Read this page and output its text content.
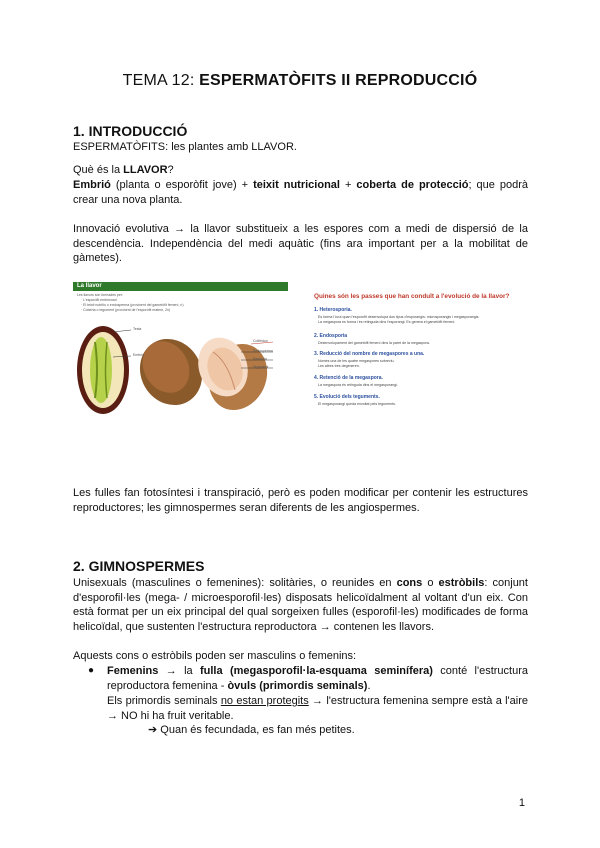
TEMA 12: ESPERMATÒFITS II REPRODUCCIÓ
1. INTRODUCCIÓ
ESPERMATÒFITS: les plantes amb LLAVOR.
Què és la LLAVOR?
Embrió (planta o esporòfit jove) + teixit nutricional + coberta de protecció; que podrà crear una nova planta.
Innovació evolutiva → la llavor substitueix a les espores com a medi de dispersió de la descendència. Independència del medi aquàtic (fins ara important per a la mobilitat de gàmetes).
La llavor
Les llavors són formades per:
· L'esporòfit embrionari
· El teixit nutritiu o endosperma (provinent del gametòfit femení, n)
· Coberta o tegument (provinent de l'esporòfit matern, 2n)
Testa
Embrió
Cotilèdon
Endosperma
Radícula
Tegument
Quines són les passes que han conduït a l'evolució de la llavor?
1. Heterosporia.
Es forma l'òvul quan l'esporofit desenvolupa dos tipus d'esporangis: microsporangis i megasporangis.
La megaspora es forma i és retinguda dins l'esporangi. Es genera el gametòfit femení.
2. Endosporia
Desenvolupament del gametòfit femení dins la paret de la megaspora.
3. Reducció del nombre de megaspores a una.
Només una de les quatre megaspores sobreviu.
Les altres tres degeneren.
4. Retenció de la megaspora.
La megaspora és retinguda dins el megasporangi.
5. Evolució dels teguments.
El megasporangi queda envoltat pels teguments.
Les fulles fan fotosíntesi i transpiració, però es poden modificar per contenir les estructures reproductores; les gimnospermes seran diferents de les angiospermes.
2. GIMNOSPERMES
Unisexuals (masculines o femenines): solitàries, o reunides en cons o estròbils: conjunt d'esporofil·les (mega- / microesporofil·les) disposats helicoïdalment al voltant d'un eix. Con està format per un eix principal del qual sorgeixen fulles (esporofil·les) modificades de forma helicoïdal, que sustenten l'estructura reproductora → contenen les llavors.
Aquests cons o estròbils poden ser masculins o femenins:
● Femenins → la fulla (megasporofil·la-esquama seminífera) conté l'estructura reproductora femenina - òvuls (primordis seminals).
Els primordis seminals no estan protegits → l'estructura femenina sempre està a l'aire → NO hi ha fruit veritable.
➔ Quan és fecundada, es fan més petites.
1
